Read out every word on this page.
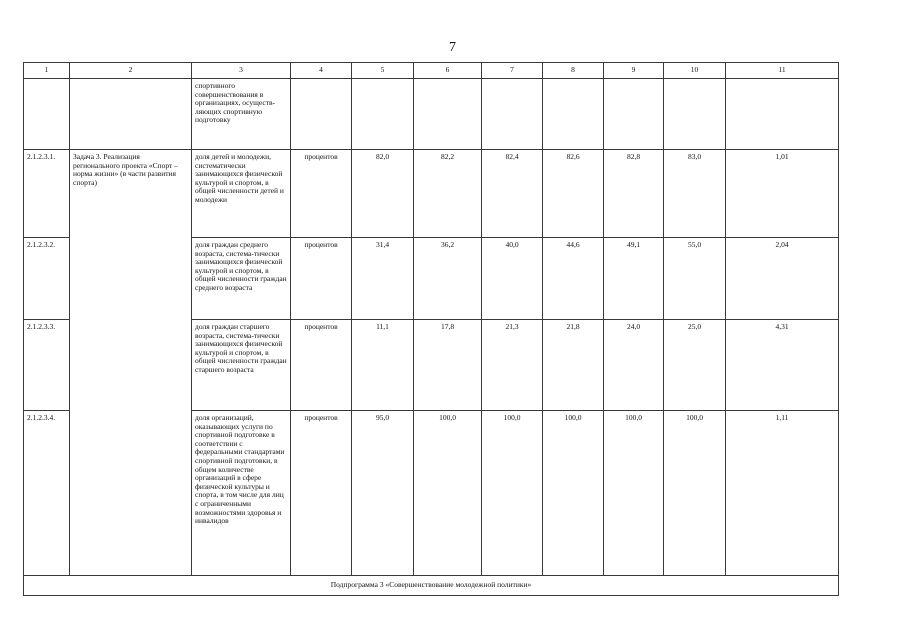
7
1	2	3	4	5	6	7	8	9	10	11
		спортивного совершенствования в организациях, осуществ-ляющих спортивную подготовку								
2.1.2.3.1.	Задача 3. Реализация регионального проекта «Спорт – норма жизни» (в части развития спорта)	доля детей и молодежи, систематически занимающихся физической культурой и спортом, в общей численности детей и молодежи	процентов	82,0	82,2	82,4	82,6	82,8	83,0	1,01
2.1.2.3.2.		доля граждан среднего возраста, система-тически занимающихся физической культурой и спортом, в общей численности граждан среднего возраста	процентов	31,4	36,2	40,0	44,6	49,1	55,0	2,04
2.1.2.3.3.		доля граждан старшего возраста, система-тически занимающихся физической культурой и спортом, в общей численности граждан старшего возраста	процентов	11,1	17,8	21,3	21,8	24,0	25,0	4,31
2.1.2.3.4.		доля организаций, оказывающих услуги по спортивной подготовке в соответствии с федеральными стандартами спортивной подготовки, в общем количестве организаций в сфере физической культуры и спорта, в том числе для лиц с ограниченными возможностями здоровья и инвалидов	процентов	95,0	100,0	100,0	100,0	100,0	100,0	1,11
Подпрограмма 3 «Совершенствование молодежной политики»										
